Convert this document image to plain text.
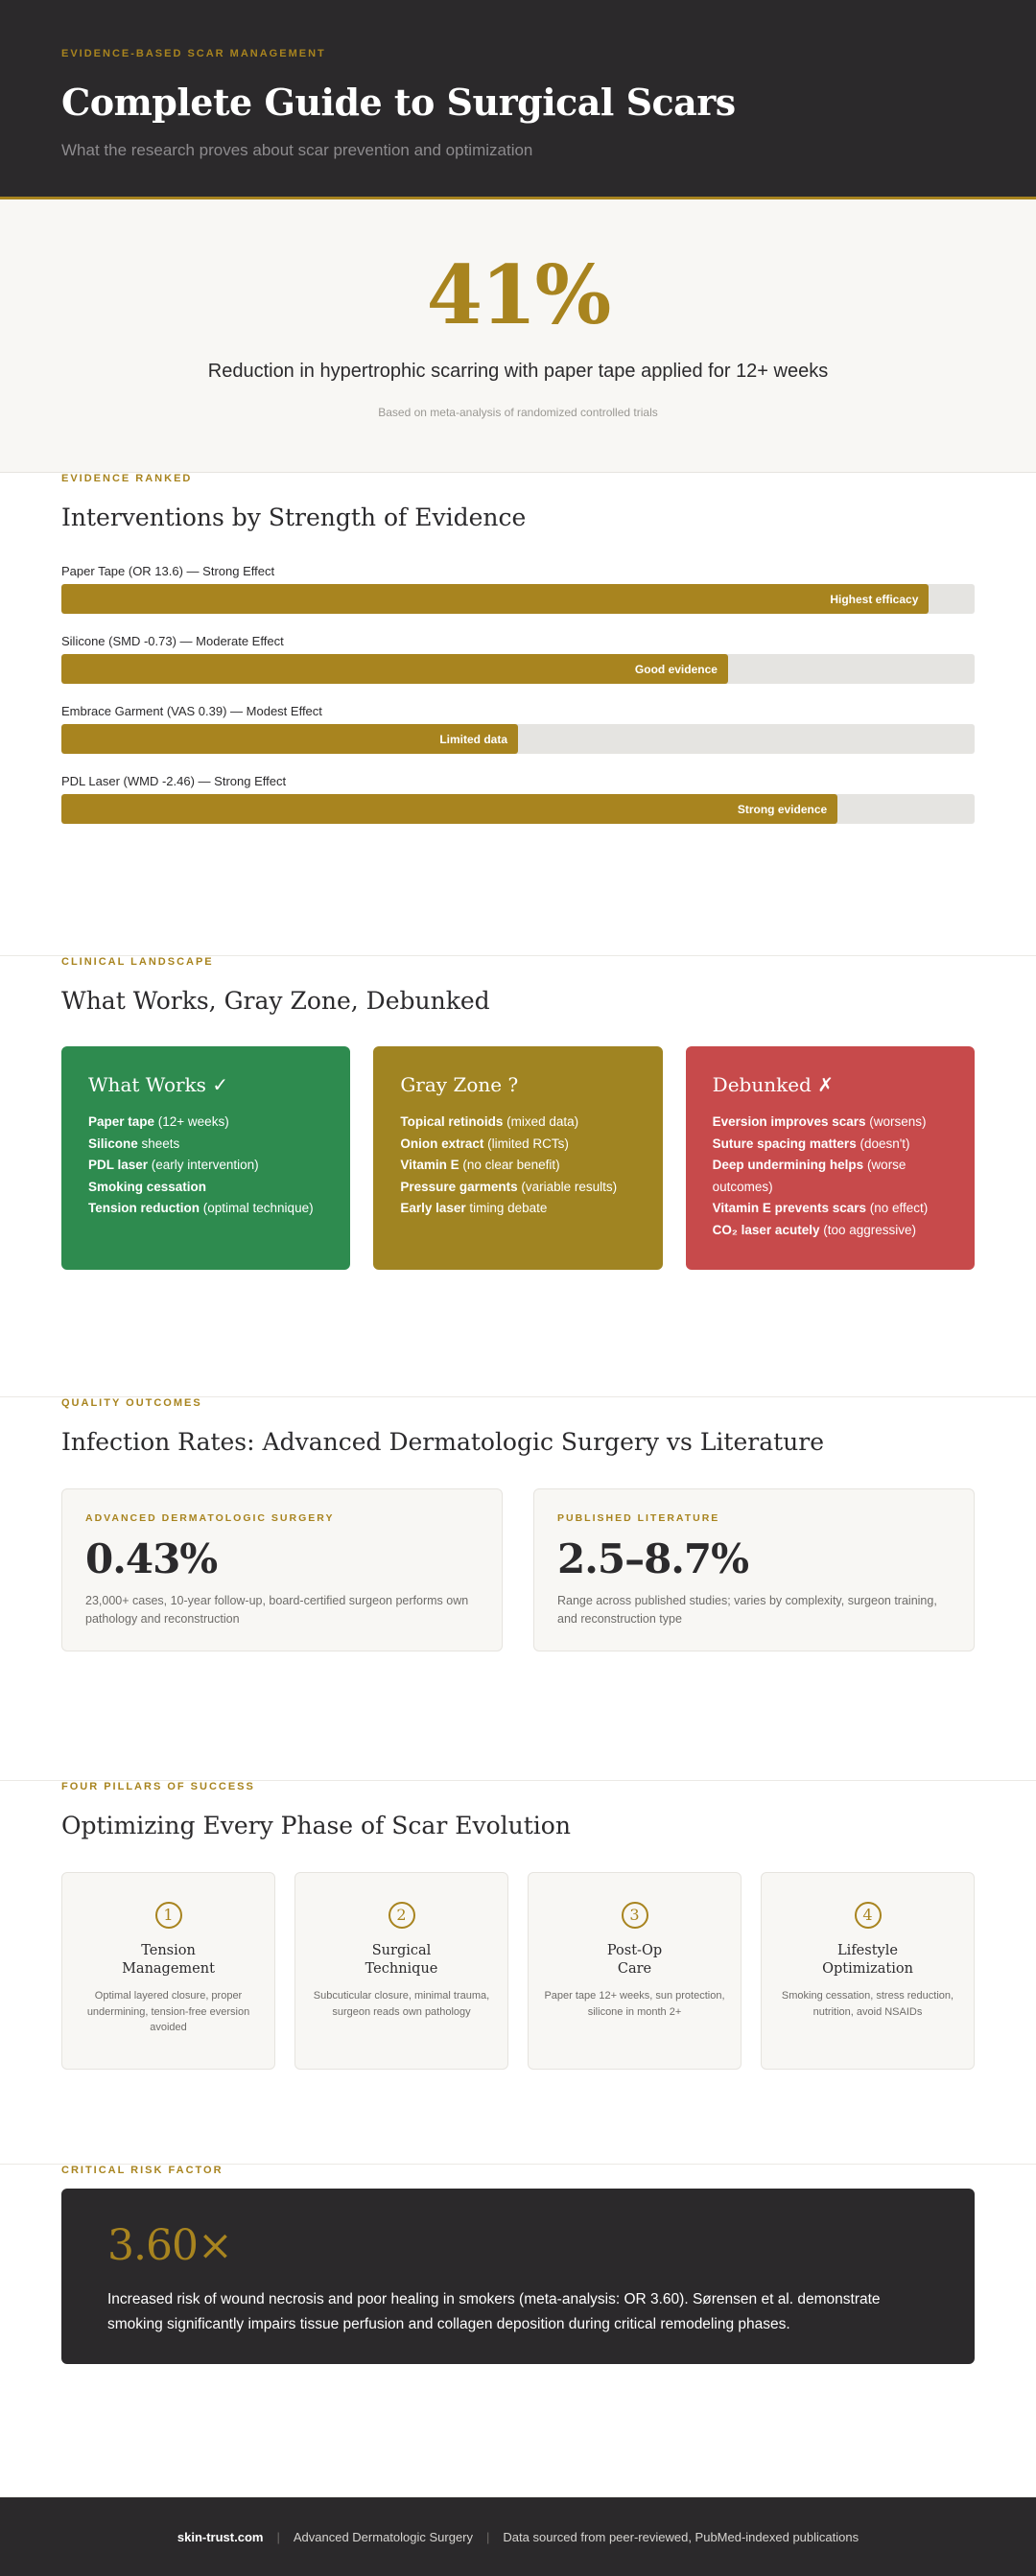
EVIDENCE-BASED SCAR MANAGEMENT
Complete Guide to Surgical Scars
What the research proves about scar prevention and optimization
41%
Reduction in hypertrophic scarring with paper tape applied for 12+ weeks
Based on meta-analysis of randomized controlled trials
EVIDENCE RANKED
Interventions by Strength of Evidence
Paper Tape (OR 13.6) — Strong Effect
Highest efficacy
Silicone (SMD -0.73) — Moderate Effect
Good evidence
Embrace Garment (VAS 0.39) — Modest Effect
Limited data
PDL Laser (WMD -2.46) — Strong Effect
Strong evidence
CLINICAL LANDSCAPE
What Works, Gray Zone, Debunked
What Works ✓
Paper tape (12+ weeks)
Silicone sheets
PDL laser (early intervention)
Smoking cessation
Tension reduction (optimal technique)
Gray Zone ?
Topical retinoids (mixed data)
Onion extract (limited RCTs)
Vitamin E (no clear benefit)
Pressure garments (variable results)
Early laser timing debate
Debunked ✗
Eversion improves scars (worsens)
Suture spacing matters (doesn't)
Deep undermining helps (worse outcomes)
Vitamin E prevents scars (no effect)
CO₂ laser acutely (too aggressive)
QUALITY OUTCOMES
Infection Rates: Advanced Dermatologic Surgery vs Literature
ADVANCED DERMATOLOGIC SURGERY
0.43%
23,000+ cases, 10-year follow-up, board-certified surgeon performs own pathology and reconstruction
PUBLISHED LITERATURE
2.5–8.7%
Range across published studies; varies by complexity, surgeon training, and reconstruction type
FOUR PILLARS OF SUCCESS
Optimizing Every Phase of Scar Evolution
1
Tension
Management
Optimal layered closure, proper undermining, tension-free eversion avoided
2
Surgical
Technique
Subcuticular closure, minimal trauma, surgeon reads own pathology
3
Post-Op
Care
Paper tape 12+ weeks, sun protection, silicone in month 2+
4
Lifestyle
Optimization
Smoking cessation, stress reduction, nutrition, avoid NSAIDs
CRITICAL RISK FACTOR
3.60×
Increased risk of wound necrosis and poor healing in smokers (meta-analysis: OR 3.60). Sørensen et al. demonstrate smoking significantly impairs tissue perfusion and collagen deposition during critical remodeling phases.
skin-trust.com | Advanced Dermatologic Surgery | Data sourced from peer-reviewed, PubMed-indexed publications
